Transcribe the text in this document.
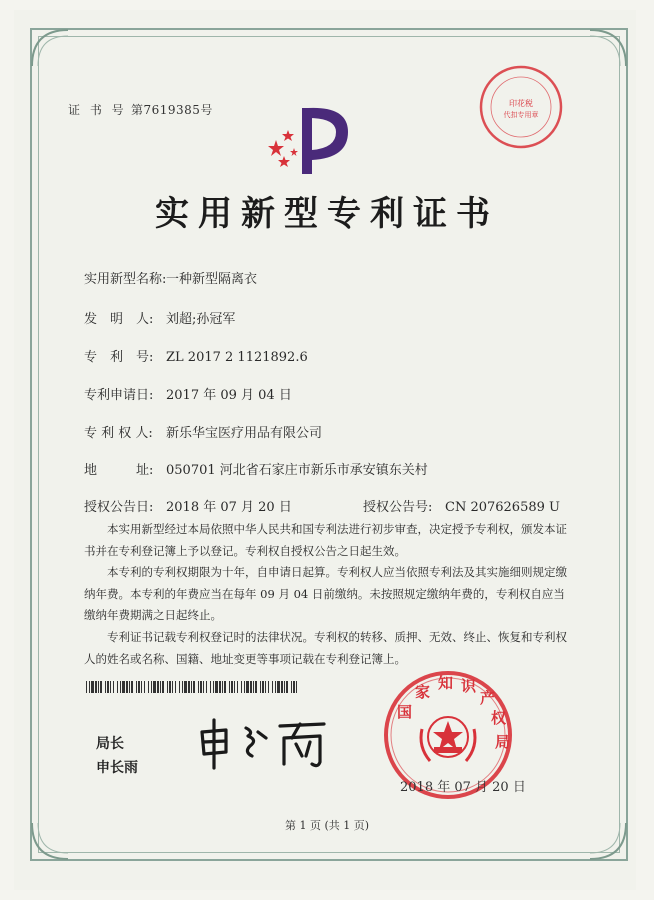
证 书 号 第7619385号	印花税
代扣专用章
实用新型专利证书
实用新型名称:一种新型隔离衣
发　明　人: 刘超;孙冠军
专　利　号: ZL 2017 2 1121892.6
专利申请日: 2017 年 09 月 04 日
专 利 权 人: 新乐华宝医疗用品有限公司
地　　　址: 050701 河北省石家庄市新乐市承安镇东关村
授权公告日: 2018 年 07 月 20 日	授权公告号: CN 207626589 U

本实用新型经过本局依照中华人民共和国专利法进行初步审查，决定授予专利权，颁发本证书并在专利登记簿上予以登记。专利权自授权公告之日起生效。

本专利的专利权期限为十年，自申请日起算。专利权人应当依照专利法及其实施细则规定缴纳年费。本专利的年费应当在每年 09 月 04 日前缴纳。未按照规定缴纳年费的，专利权自应当缴纳年费期满之日起终止。

专利证书记载专利权登记时的法律状况。专利权的转移、质押、无效、终止、恢复和专利权人的姓名或名称、国籍、地址变更等事项记载在专利登记簿上。

局长
申长雨
国家 知 识产权局
2018 年 07 月 20 日
第 1 页 (共 1 页)
